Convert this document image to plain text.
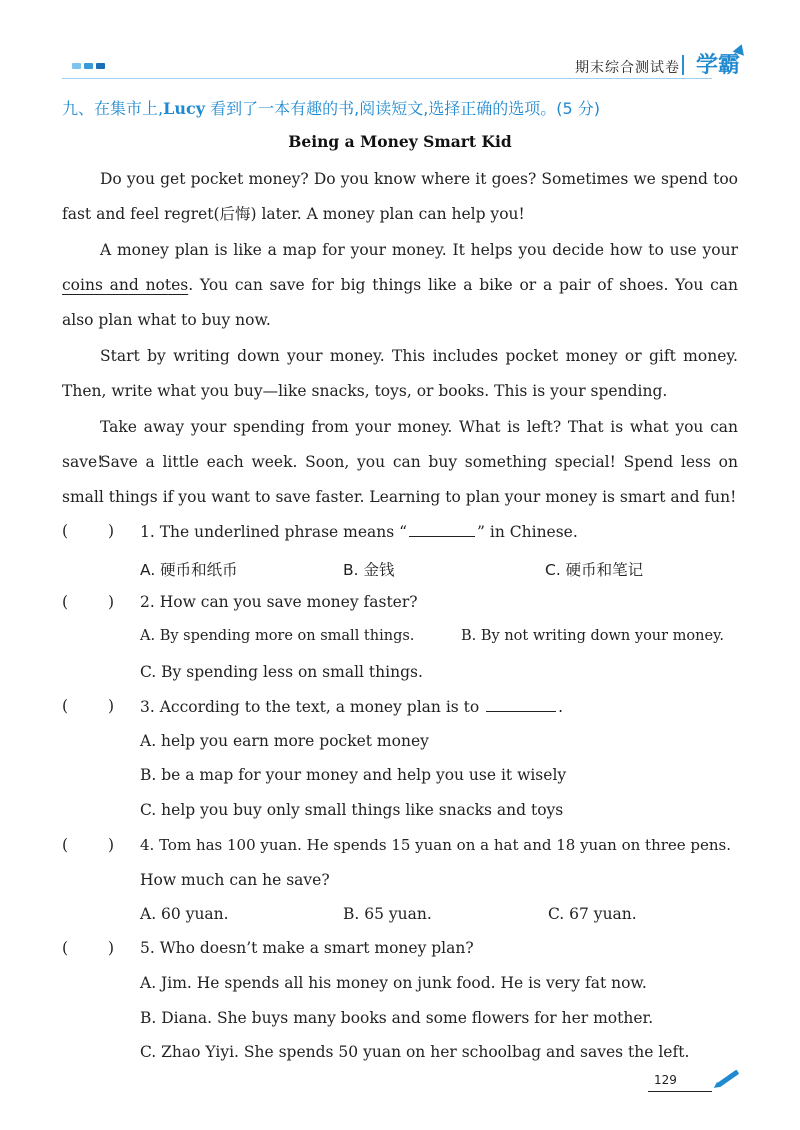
期末综合测试卷 学霸
九、在集市上,Lucy 看到了一本有趣的书,阅读短文,选择正确的选项。(5 分)
Being a Money Smart Kid
Do you get pocket money? Do you know where it goes? Sometimes we spend too fast and feel regret(后悔) later. A money plan can help you!
A money plan is like a map for your money. It helps you decide how to use your coins and notes. You can save for big things like a bike or a pair of shoes. You can also plan what to buy now.
Start by writing down your money. This includes pocket money or gift money. Then, write what you buy—like snacks, toys, or books. This is your spending.
Take away your spending from your money. What is left? That is what you can save!
Save a little each week. Soon, you can buy something special! Spend less on small things if you want to save faster. Learning to plan your money is smart and fun!
(	) 1. The underlined phrase means “	” in Chinese.
A. 硬币和纸币	B. 金钱	C. 硬币和笔记
(	) 2. How can you save money faster?
A. By spending more on small things.	B. By not writing down your money.
C. By spending less on small things.
(	) 3. According to the text, a money plan is to	.
A. help you earn more pocket money
B. be a map for your money and help you use it wisely
C. help you buy only small things like snacks and toys
(	) 4. Tom has 100 yuan. He spends 15 yuan on a hat and 18 yuan on three pens.
How much can he save?
A. 60 yuan.	B. 65 yuan.	C. 67 yuan.
(	) 5. Who doesn’t make a smart money plan?
A. Jim. He spends all his money on junk food. He is very fat now.
B. Diana. She buys many books and some flowers for her mother.
C. Zhao Yiyi. She spends 50 yuan on her schoolbag and saves the left.
129
